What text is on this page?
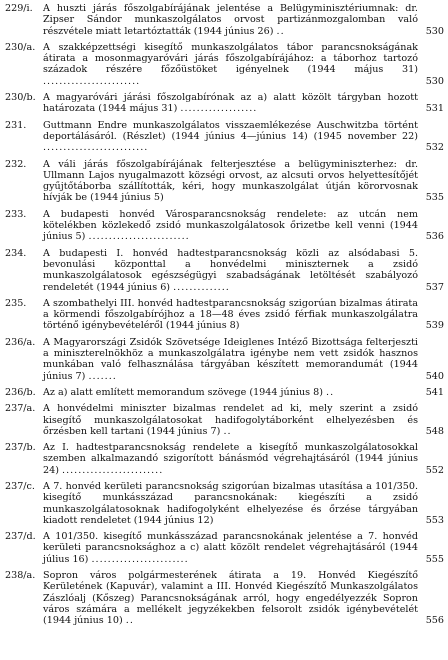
229/i.	A huszti járás főszolgabírájának jelentése a Belügyminisztériumnak: dr. Zipser Sándor munkaszolgálatos orvost partizánmozgalomban való részvétele miatt letartóztatták (1944 június 26) ..	530
230/a. A szakképzettségi kisegítő munkaszolgálatos tábor parancsnokságának átirata a mosonmagyaróvári járás főszolgabírájához: a táborhoz tartozó századok részére főzőüstöket igényelnek (1944 május 31) ........................	530
230/b. A magyaróvári járási főszolgabírónak az a) alatt közölt tárgyban hozott határozata (1944 május 31) ...................	531
231.	Guttmann Endre munkaszolgálatos visszaemlékezése Auschwitzba történt deportálásáról. (Részlet) (1944 június 4—június 14) (1945 november 22) ..........................	532
232.	A váli járás főszolgabírájának felterjesztése a belügyminiszterhez: dr. Ullmann Lajos nyugalmazott községi orvost, az alcsuti orvos helyettesítőjét gyűjtőtáborba szállították, kéri, hogy munkaszolgálat útján körorvosnak hívják be (1944 június 5)	535
233.	A budapesti honvéd Városparancsnokság rendelete: az utcán nem kötelékben közlekedő zsidó munkaszolgálatosok őrizetbe kell venni (1944 június 5) .........................	536
234.	A budapesti I. honvéd hadtestparancsnokság közli az alsódabasi 5. bevonulási központtal a honvédelmi miniszternek a zsidó munkaszolgálatosok egészségügyi szabadságának letöltését szabályozó rendeletét (1944 június 6) ..............	537
235.	A szombathelyi III. honvéd hadtestparancsnokság szigorúan bizalmas átirata a körmendi főszolgabírójhoz a 18—48 éves zsidó férfiak munkaszolgálatra történő igénybevételéről (1944 június 8)	539
236/a. A Magyarországi Zsidók Szövetsége Ideiglenes Intéző Bizottsága felterjeszti a miniszterelnökhöz a munkaszolgálatra igénybe nem vett zsidók hasznos munkában való felhasználása tárgyában készített memorandumát (1944 június 7) .......	540
236/b. Az a) alatt említett memorandum szövege (1944 június 8) ..	541
237/a. A honvédelmi miniszter bizalmas rendelet ad ki, mely szerint a zsidó kisegítő munkaszolgálatosokat hadifogolytáborként elhelyezésben és őrzésben kell tartani (1944 június 7) ..	548
237/b. Az I. hadtestparancsnokság rendelete a kisegítő munkaszolgálatosokkal szemben alkalmazandó szigorított bánásmód végrehajtásáról (1944 június 24) .........................	552
237/c. A 7. honvéd kerületi parancsnokság szigorúan bizalmas utasítása a 101/350. kisegítő munkásszázad parancsnokának: kiegészíti a zsidó munkaszolgálatosoknak hadifogolyként elhelyezése és őrzése tárgyában kiadott rendeletet (1944 június 12)	553
237/d. A 101/350. kisegítő munkásszázad parancsnokának jelentése a 7. honvéd kerületi parancsnoksághoz a c) alatt közölt rendelet végrehajtásáról (1944 július 16) ........................	555
238/a. Sopron város polgármesterének átirata a 19. Honvéd Kiegészítő Kerületének (Kapuvár), valamint a III. Honvéd Kiegészítő Munkaszolgálatos Zászlóalj (Kőszeg) Parancsnokságának arról, hogy engedélyezzék Sopron város számára a mellékelt jegyzékekben felsorolt zsidók igénybevételét (1944 június 10) ..	556
